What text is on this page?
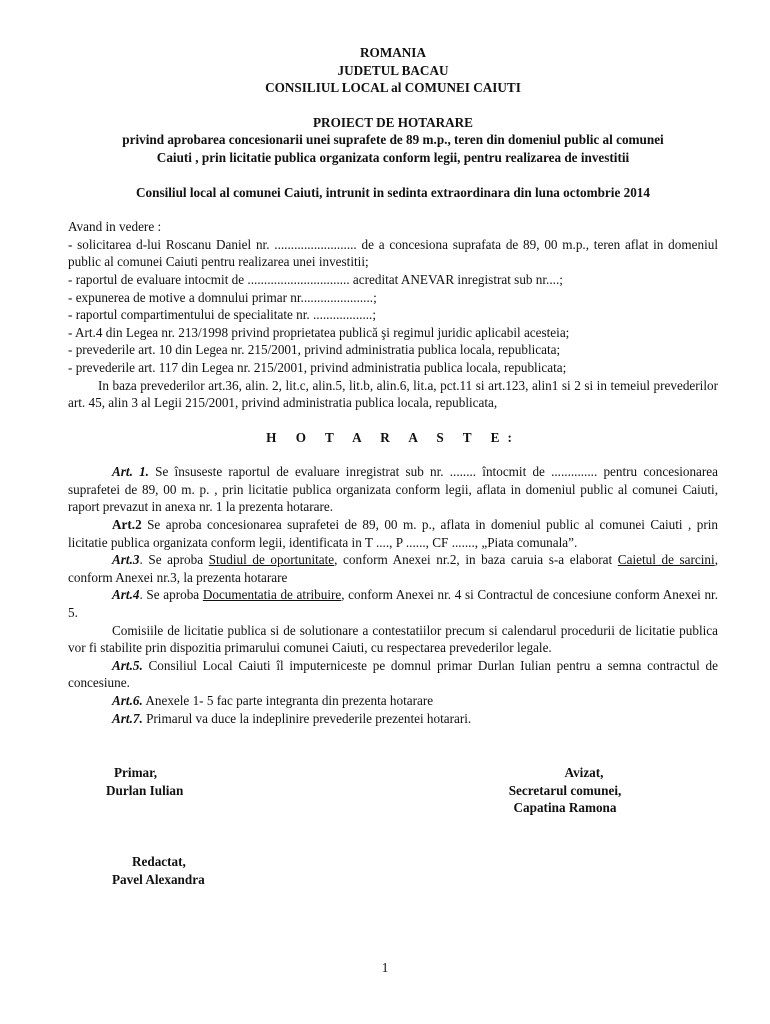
ROMANIA
JUDETUL BACAU
CONSILIUL LOCAL al COMUNEI CAIUTI
PROIECT DE HOTARARE
privind aprobarea concesionarii unei suprafete de 89 m.p., teren din domeniul public al comunei
Caiuti , prin licitatie publica organizata conform legii, pentru realizarea de investitii
Consiliul local al comunei Caiuti, intrunit in sedinta extraordinara din luna octombrie 2014
Avand in vedere :
- solicitarea d-lui Roscanu Daniel nr. ......................... de a concesiona suprafata de 89, 00 m.p., teren aflat in domeniul public al comunei Caiuti pentru realizarea unei investitii;
- raportul de evaluare intocmit de ............................... acreditat ANEVAR inregistrat sub nr....;
- expunerea de motive a domnului primar nr......................;
- raportul compartimentului de specialitate nr. ..................;
- Art.4 din Legea nr. 213/1998 privind proprietatea publică şi regimul juridic aplicabil acesteia;
- prevederile art. 10 din Legea nr. 215/2001, privind administratia publica locala, republicata;
- prevederile art. 117 din Legea nr. 215/2001, privind administratia publica locala, republicata;
In baza prevederilor art.36, alin. 2, lit.c, alin.5, lit.b, alin.6, lit.a, pct.11 si art.123, alin1 si 2 si in temeiul prevederilor art. 45, alin 3 al Legii 215/2001, privind administratia publica locala, republicata,
H O T A R A S T E:
Art. 1. Se însuseste raportul de evaluare inregistrat sub nr. ........ întocmit de .............. pentru concesionarea suprafetei de 89, 00 m. p. , prin licitatie publica organizata conform legii, aflata in domeniul public al comunei Caiuti, raport prevazut in anexa nr. 1 la prezenta hotarare.
Art.2 Se aproba concesionarea suprafetei de 89, 00 m. p., aflata in domeniul public al comunei Caiuti , prin licitatie publica organizata conform legii, identificata in T ...., P ......, CF ......., „Piata comunala”.
Art.3. Se aproba Studiul de oportunitate, conform Anexei nr.2, in baza caruia s-a elaborat Caietul de sarcini, conform Anexei nr.3, la prezenta hotarare
Art.4. Se aproba Documentatia de atribuire, conform Anexei nr. 4 si Contractul de concesiune conform Anexei nr. 5.
Comisiile de licitatie publica si de solutionare a contestatiilor precum si calendarul procedurii de licitatie publica vor fi stabilite prin dispozitia primarului comunei Caiuti, cu respectarea prevederilor legale.
Art.5. Consiliul Local Caiuti îl imputerniceste pe domnul primar Durlan Iulian pentru a semna contractul de concesiune.
Art.6. Anexele 1- 5 fac parte integranta din prezenta hotarare
Art.7. Primarul va duce la indeplinire prevederile prezentei hotarari.
Primar,
Durlan Iulian
Avizat,
Secretarul comunei,
Capatina Ramona
Redactat,
Pavel Alexandra
1
